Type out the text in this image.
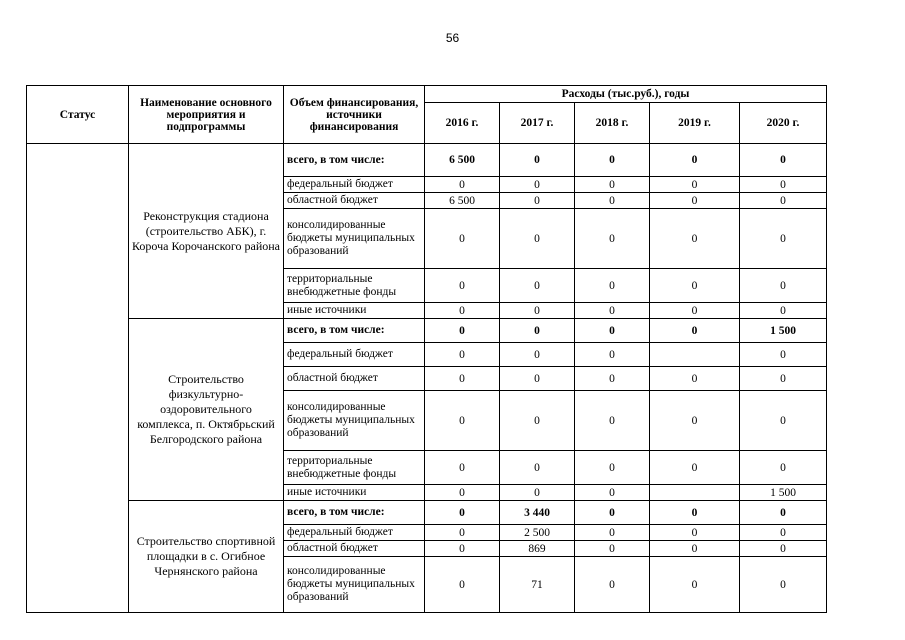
56
Статус	Наименование основного мероприятия и подпрограммы	Объем финансирования, источники финансирования	Расходы (тыс.руб.), годы				
			2016 г.	2017 г.	2018 г.	2019 г.	2020 г.
	Реконструкция стадиона (строительство АБК), г. Короча Корочанского района	всего, в том числе:	6 500	0	0	0	0
		федеральный бюджет	0	0	0	0	0
		областной бюджет	6 500	0	0	0	0
		консолидированные бюджеты муниципальных образований	0	0	0	0	0
		территориальные внебюджетные фонды	0	0	0	0	0
		иные источники	0	0	0	0	0
	Строительство физкультурно-оздоровительного комплекса, п. Октябрьский Белгородского района	всего, в том числе:	0	0	0	0	1 500
		федеральный бюджет	0	0	0		0
		областной бюджет	0	0	0	0	0
		консолидированные бюджеты муниципальных образований	0	0	0	0	0
		территориальные внебюджетные фонды	0	0	0	0	0
		иные источники	0	0	0		1 500
	Строительство спортивной площадки в с. Огибное Чернянского района	всего, в том числе:	0	3 440	0	0	0
		федеральный бюджет	0	2 500	0	0	0
		областной бюджет	0	869	0	0	0
		консолидированные бюджеты муниципальных образований	0	71	0	0	0
